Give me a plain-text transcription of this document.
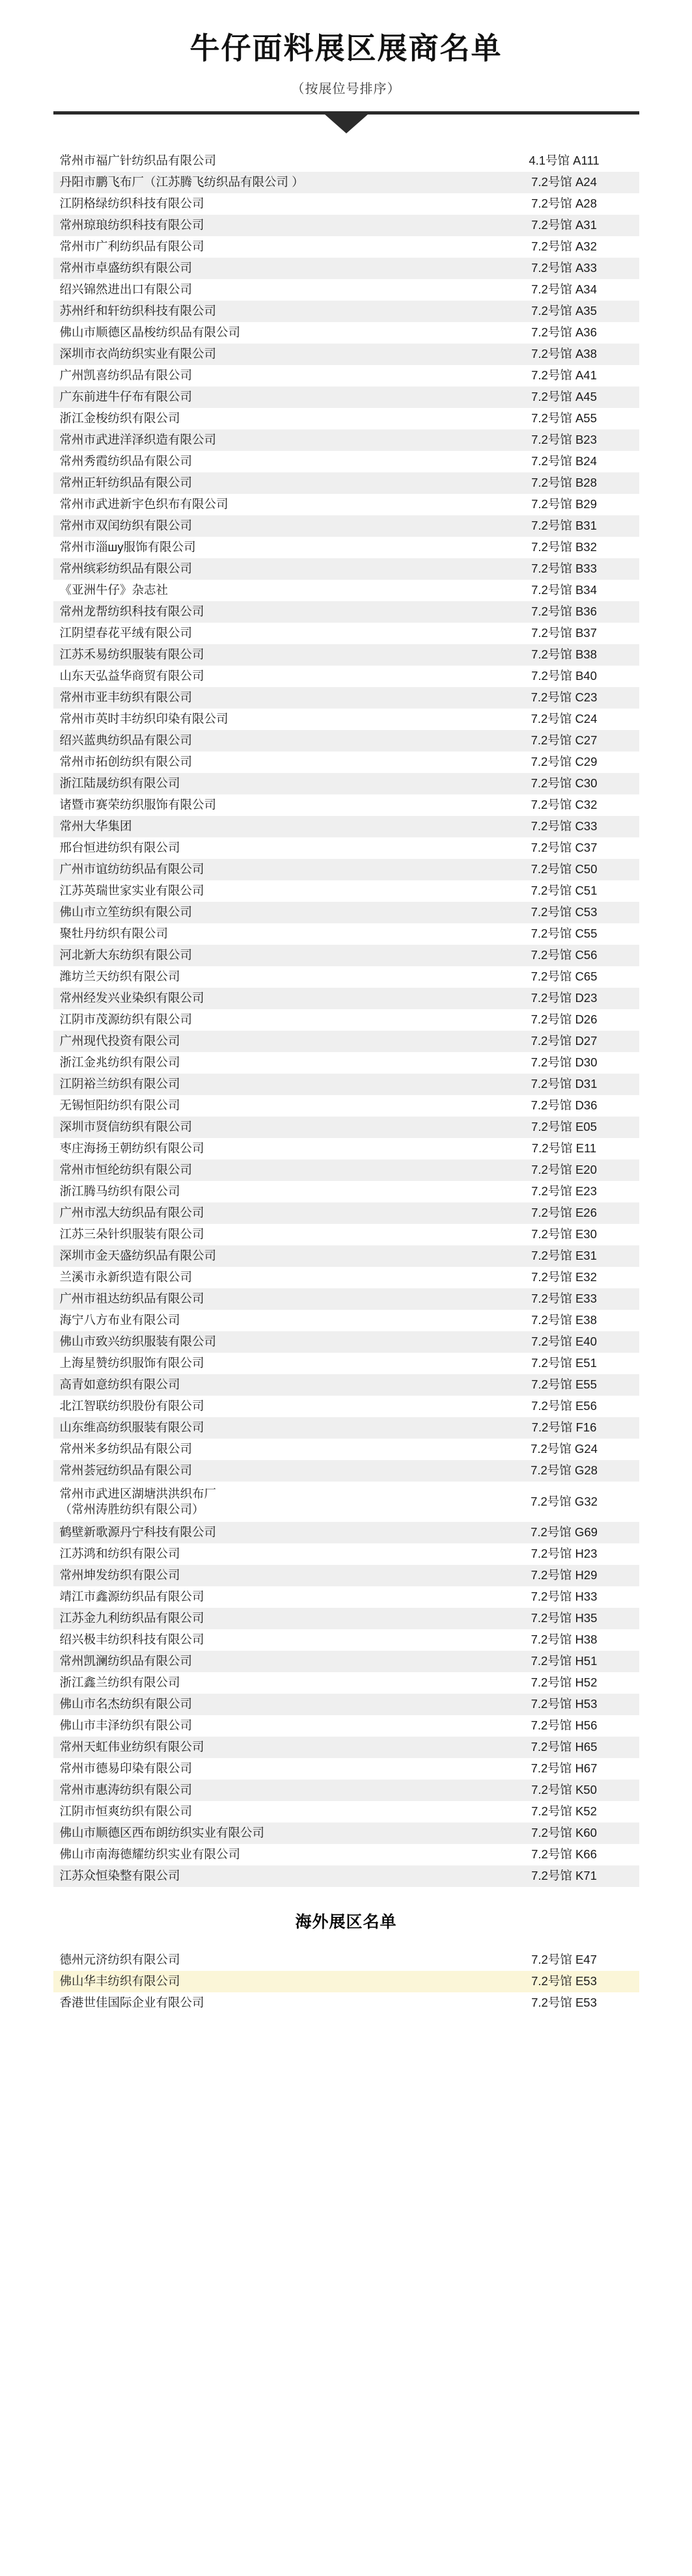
牛仔面料展区展商名单
（按展位号排序）
常州市福广针纺织品有限公司	4.1号馆 A111
丹阳市鹏飞布厂（江苏腾飞纺织品有限公司 ）	7.2号馆 A24
江阴格绿纺织科技有限公司	7.2号馆 A28
常州琼琅纺织科技有限公司	7.2号馆 A31
常州市广利纺织品有限公司	7.2号馆 A32
常州市卓盛纺织有限公司	7.2号馆 A33
绍兴锦然进出口有限公司	7.2号馆 A34
苏州纤和轩纺织科技有限公司	7.2号馆 A35
佛山市顺德区晶梭纺织品有限公司	7.2号馆 A36
深圳市衣尚纺织实业有限公司	7.2号馆 A38
广州凯喜纺织品有限公司	7.2号馆 A41
广东前进牛仔布有限公司	7.2号馆 A45
浙江金梭纺织有限公司	7.2号馆 A55
常州市武进洋泽织造有限公司	7.2号馆 B23
常州秀霞纺织品有限公司	7.2号馆 B24
常州正轩纺织品有限公司	7.2号馆 B28
常州市武进新宇色织布有限公司	7.2号馆 B29
常州市双闰纺织有限公司	7.2号馆 B31
常州市淄шу服饰有限公司	7.2号馆 B32
常州缤彩纺织品有限公司	7.2号馆 B33
《亚洲牛仔》杂志社	7.2号馆 B34
常州龙帮纺织科技有限公司	7.2号馆 B36
江阴望春花平绒有限公司	7.2号馆 B37
江苏禾易纺织服装有限公司	7.2号馆 B38
山东天弘益华商贸有限公司	7.2号馆 B40
常州市亚丰纺织有限公司	7.2号馆 C23
常州市英时丰纺织印染有限公司	7.2号馆 C24
绍兴蓝典纺织品有限公司	7.2号馆 C27
常州市拓创纺织有限公司	7.2号馆 C29
浙江陆晟纺织有限公司	7.2号馆 C30
诸暨市赛荣纺织服饰有限公司	7.2号馆 C32
常州大华集团	7.2号馆 C33
邢台恒进纺织有限公司	7.2号馆 C37
广州市谊纺纺织品有限公司	7.2号馆 C50
江苏英瑞世家实业有限公司	7.2号馆 C51
佛山市立笙纺织有限公司	7.2号馆 C53
聚牡丹纺织有限公司	7.2号馆 C55
河北新大东纺织有限公司	7.2号馆 C56
潍坊兰天纺织有限公司	7.2号馆 C65
常州经发兴业染织有限公司	7.2号馆 D23
江阴市茂源纺织有限公司	7.2号馆 D26
广州现代投资有限公司	7.2号馆 D27
浙江金兆纺织有限公司	7.2号馆 D30
江阴裕兰纺织有限公司	7.2号馆 D31
无锡恒阳纺织有限公司	7.2号馆 D36
深圳市贤信纺织有限公司	7.2号馆 E05
枣庄海扬王朝纺织有限公司	7.2号馆 E11
常州市恒纶纺织有限公司	7.2号馆 E20
浙江腾马纺织有限公司	7.2号馆 E23
广州市泓大纺织品有限公司	7.2号馆 E26
江苏三朵针织服装有限公司	7.2号馆 E30
深圳市金天盛纺织品有限公司	7.2号馆 E31
兰溪市永新织造有限公司	7.2号馆 E32
广州市祖达纺织品有限公司	7.2号馆 E33
海宁八方布业有限公司	7.2号馆 E38
佛山市致兴纺织服装有限公司	7.2号馆 E40
上海星赞纺织服饰有限公司	7.2号馆 E51
高青如意纺织有限公司	7.2号馆 E55
北江智联纺织股份有限公司	7.2号馆 E56
山东维高纺织服装有限公司	7.2号馆 F16
常州米多纺织品有限公司	7.2号馆 G24
常州荟冠纺织品有限公司	7.2号馆 G28

常州市武进区湖塘洪洪织布厂
（常州涛胜纺织有限公司）	7.2号馆 G32
鹤壁新歌源丹宁科技有限公司	7.2号馆 G69
江苏鸿和纺织有限公司	7.2号馆 H23
常州坤发纺织有限公司	7.2号馆 H29
靖江市鑫源纺织品有限公司	7.2号馆 H33
江苏金九利纺织品有限公司	7.2号馆 H35
绍兴极丰纺织科技有限公司	7.2号馆 H38
常州凯澜纺织品有限公司	7.2号馆 H51
浙江鑫兰纺织有限公司	7.2号馆 H52
佛山市名杰纺织有限公司	7.2号馆 H53
佛山市丰泽纺织有限公司	7.2号馆 H56
常州天虹伟业纺织有限公司	7.2号馆 H65
常州市德易印染有限公司	7.2号馆 H67
常州市惠涛纺织有限公司	7.2号馆 K50
江阴市恒爽纺织有限公司	7.2号馆 K52
佛山市顺德区西布朗纺织实业有限公司	7.2号馆 K60
佛山市南海德耀纺织实业有限公司	7.2号馆 K66
江苏众恒染整有限公司	7.2号馆 K71
海外展区名单
德州元济纺织有限公司	7.2号馆 E47
佛山华丰纺织有限公司	7.2号馆 E53
香港世佳国际企业有限公司	7.2号馆 E53
